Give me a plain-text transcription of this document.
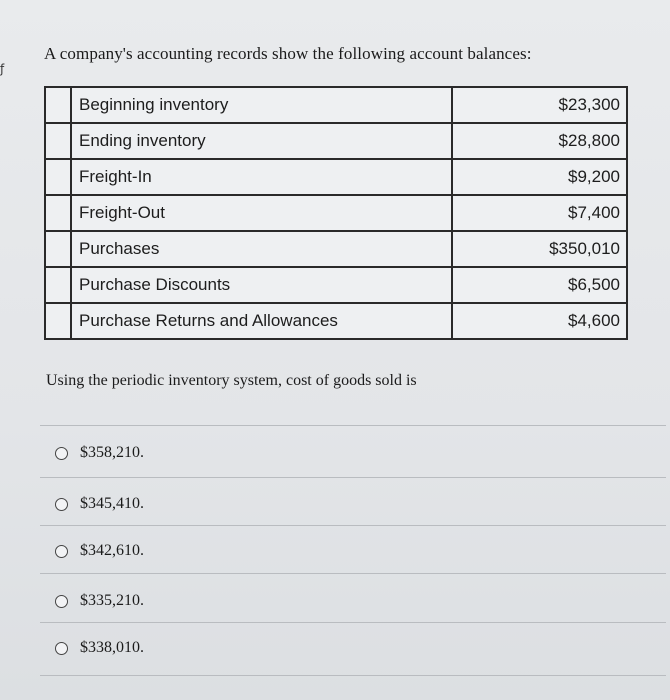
ƒ
A company's accounting records show the following account balances:
	Beginning inventory	$23,300
	Ending inventory	$28,800
	Freight-In	$9,200
	Freight-Out	$7,400
	Purchases	$350,010
	Purchase Discounts	$6,500
	Purchase Returns and Allowances	$4,600
Using the periodic inventory system, cost of goods sold is
$358,210.
$345,410.
$342,610.
$335,210.
$338,010.
